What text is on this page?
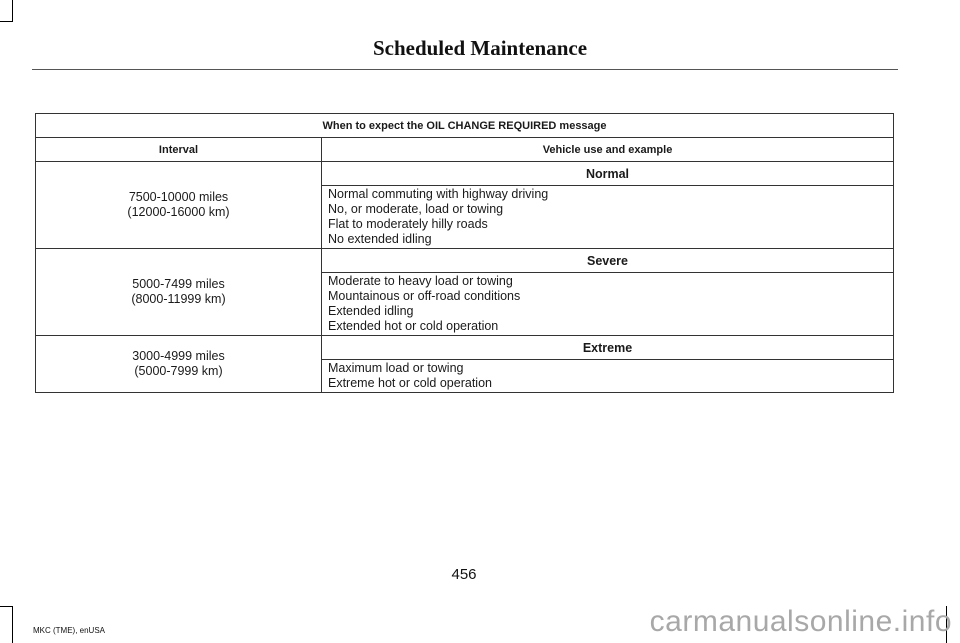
Scheduled Maintenance
When to expect the OIL CHANGE REQUIRED message	
Interval	Vehicle use and example

7500-10000 miles
(12000-16000 km)	Normal

	Normal commuting with highway driving
No, or moderate, load or towing
Flat to moderately hilly roads
No extended idling

5000-7499 miles
(8000-11999 km)	Severe

	Moderate to heavy load or towing
Mountainous or off-road conditions
Extended idling
Extended hot or cold operation

3000-4999 miles
(5000-7999 km)	Extreme

	Maximum load or towing
Extreme hot or cold operation
456
MKC (TME), enUSA	carmanualsonline.info
